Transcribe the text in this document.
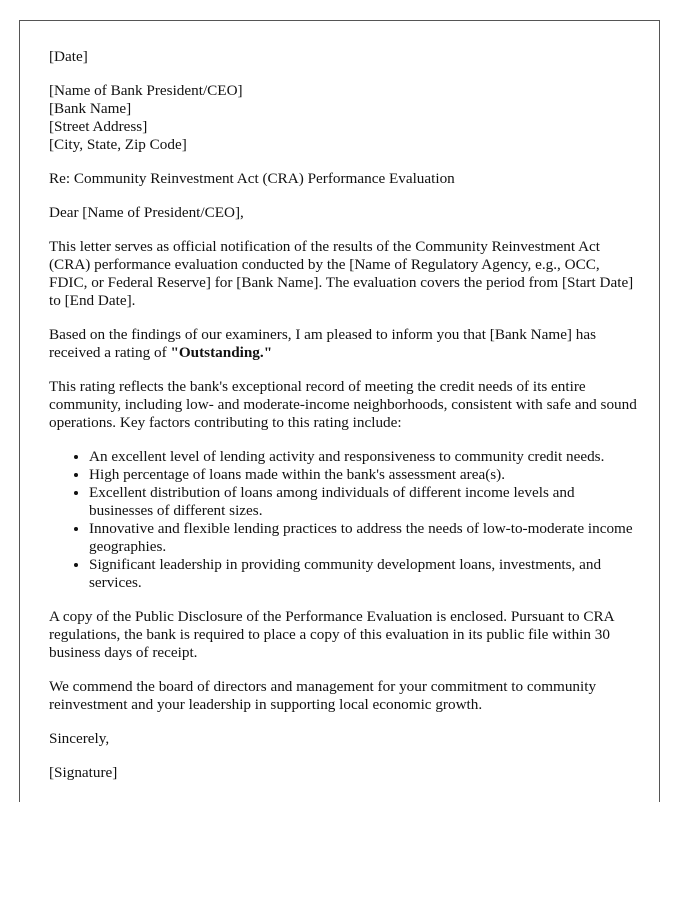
[Date]

[Name of Bank President/CEO]
[Bank Name]
[Street Address]
[City, State, Zip Code]

Re: Community Reinvestment Act (CRA) Performance Evaluation

Dear [Name of President/CEO],

This letter serves as official notification of the results of the Community Reinvestment Act (CRA) performance evaluation conducted by the [Name of Regulatory Agency, e.g., OCC, FDIC, or Federal Reserve] for [Bank Name]. The evaluation covers the period from [Start Date] to [End Date].

Based on the findings of our examiners, I am pleased to inform you that [Bank Name] has received a rating of "Outstanding."

This rating reflects the bank's exceptional record of meeting the credit needs of its entire community, including low- and moderate-income neighborhoods, consistent with safe and sound operations. Key factors contributing to this rating include:

• An excellent level of lending activity and responsiveness to community credit needs.
• High percentage of loans made within the bank's assessment area(s).
• Excellent distribution of loans among individuals of different income levels and businesses of different sizes.
• Innovative and flexible lending practices to address the needs of low-to-moderate income geographies.
• Significant leadership in providing community development loans, investments, and services.

A copy of the Public Disclosure of the Performance Evaluation is enclosed. Pursuant to CRA regulations, the bank is required to place a copy of this evaluation in its public file within 30 business days of receipt.

We commend the board of directors and management for your commitment to community reinvestment and your leadership in supporting local economic growth.

Sincerely,

[Signature]
